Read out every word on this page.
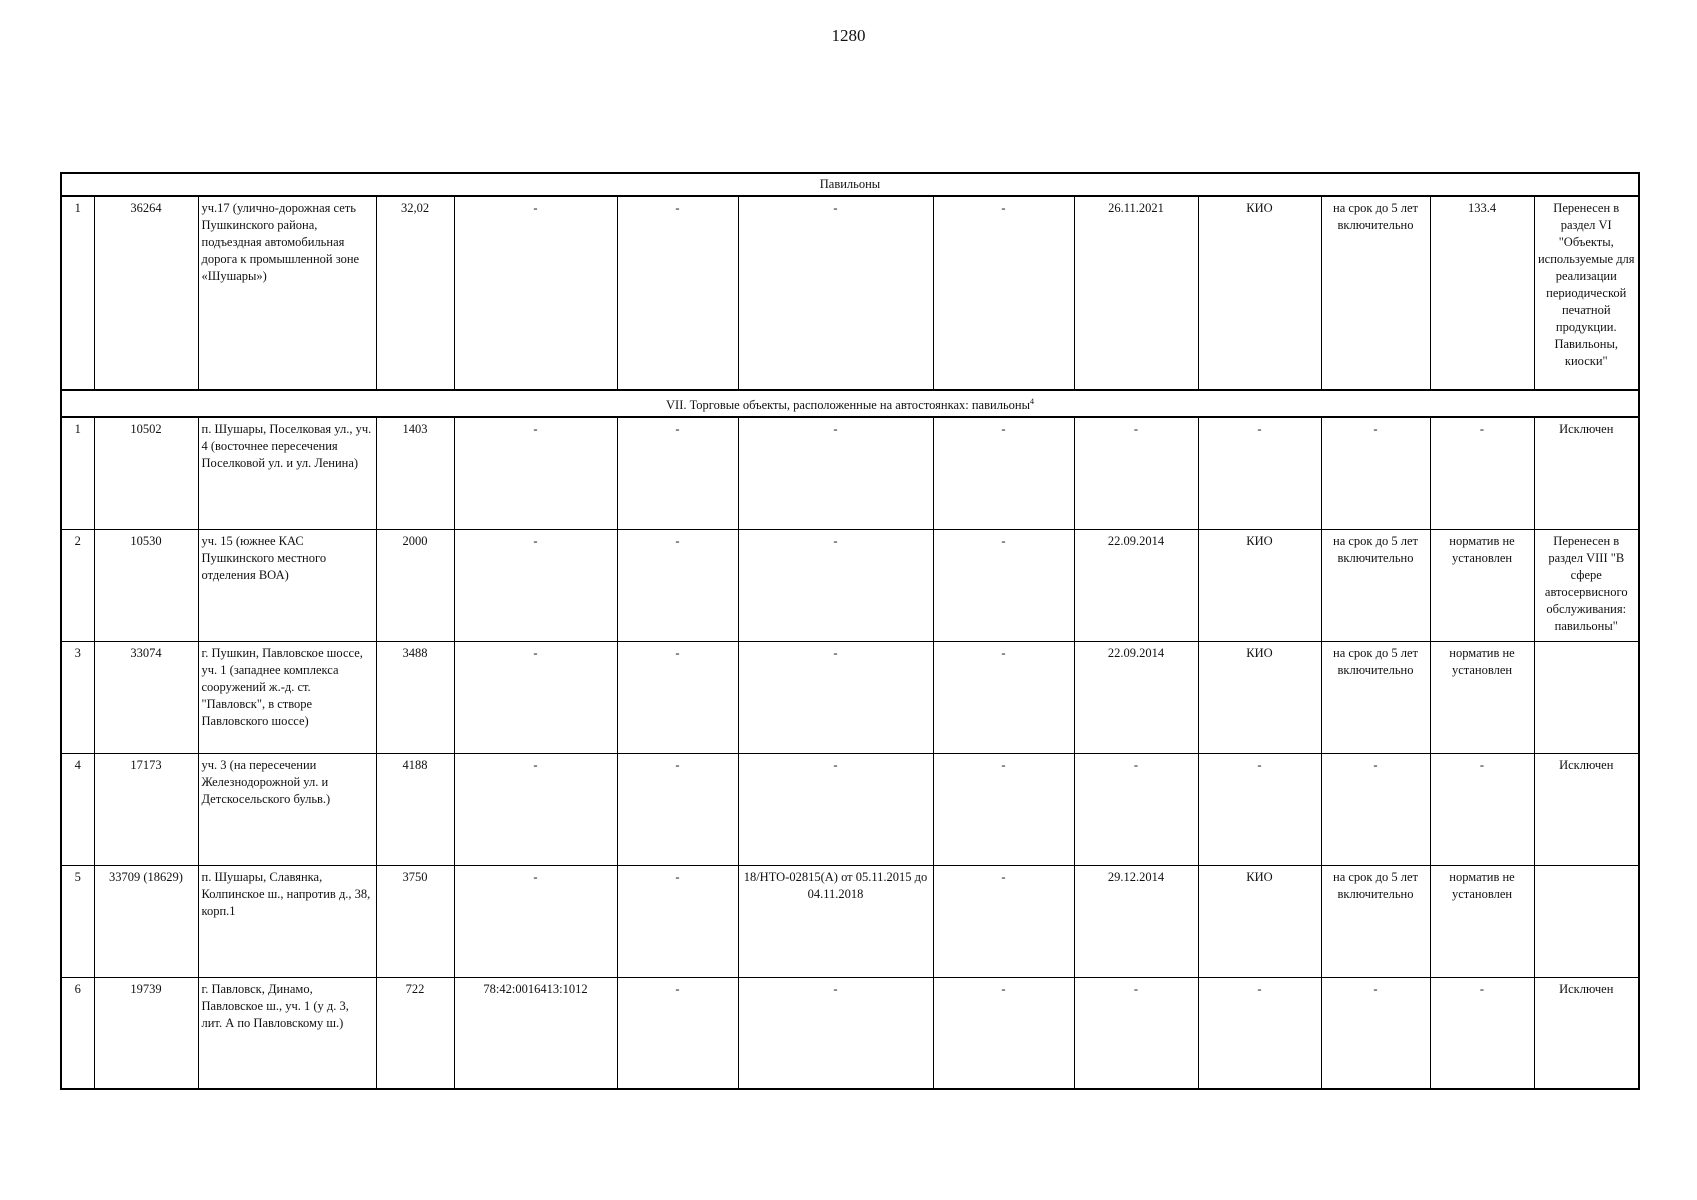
1280
Павильоны												
1	36264	уч.17 (улично-дорожная сеть Пушкинского района, подъездная автомобильная дорога к промышленной зоне «Шушары»)	32,02	-	-	-	-	26.11.2021	КИО	на срок до 5 лет включительно	133.4	Перенесен в раздел VI "Объекты, используемые для реализации периодической печатной продукции. Павильоны, киоски"
VII. Торговые объекты, расположенные на автостоянках: павильоны$^4$
1	10502	п. Шушары, Поселковая ул., уч. 4 (восточнее пересечения Поселковой ул. и ул. Ленина)	1403	-	-	-	-	-	-	-	-	Исключен
2	10530	уч. 15 (южнее КАС Пушкинского местного отделения ВОА)	2000	-	-	-	-	22.09.2014	КИО	на срок до 5 лет включительно	норматив не установлен	Перенесен в раздел VIII "В сфере автосервисного обслуживания: павильоны"
3	33074	г. Пушкин, Павловское шоссе, уч. 1 (западнее комплекса сооружений ж.-д. ст. "Павловск", в створе Павловского шоссе)	3488	-	-	-	-	22.09.2014	КИО	на срок до 5 лет включительно	норматив не установлен	
4	17173	уч. 3 (на пересечении Железнодорожной ул. и Детскосельского бульв.)	4188	-	-	-	-	-	-	-	-	Исключен
5	33709 (18629)	п. Шушары, Славянка, Колпинское ш., напротив д., 38, корп.1	3750	-	-	18/НТО-02815(А) от 05.11.2015 до 04.11.2018	-	29.12.2014	КИО	на срок до 5 лет включительно	норматив не установлен	
6	19739	г. Павловск, Динамо, Павловское ш., уч. 1 (у д. 3, лит. А по Павловскому ш.)	722	78:42:0016413:1012	-	-	-	-	-	-	-	Исключен
